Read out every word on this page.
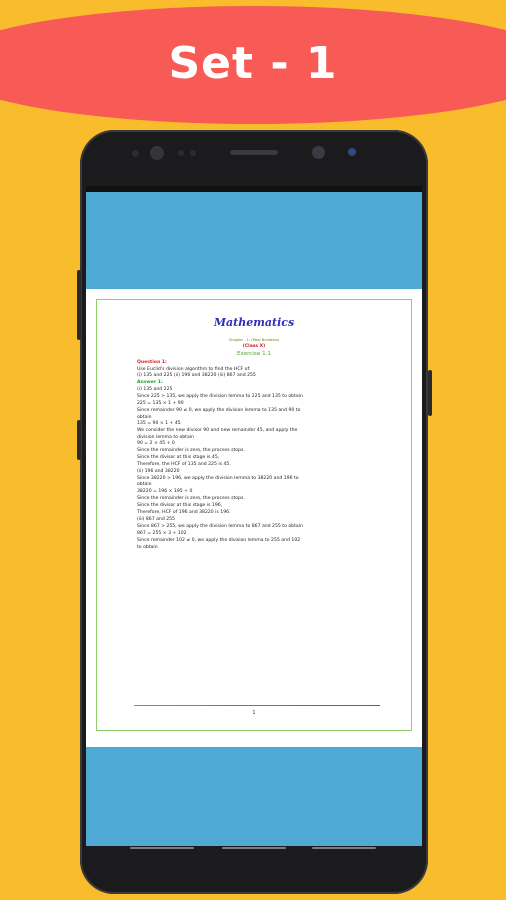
Set - 1
Mathematics
Chapter - 1: (Real Numbers)
(Class X)
Exercise 1.1
Question 1:
Use Euclid's division algorithm to find the HCF of:
(i) 135 and 225 (ii) 196 and 38220 (iii) 867 and 255
Answer 1:
(i) 135 and 225
Since 225 > 135, we apply the division lemma to 225 and 135 to obtain
225 = 135 × 1 + 90
Since remainder 90 ≠ 0, we apply the division lemma to 135 and 90 to
obtain
135 = 90 × 1 + 45
We consider the new divisor 90 and new remainder 45, and apply the
division lemma to obtain
90 = 2 × 45 + 0
Since the remainder is zero, the process stops.
Since the divisor at this stage is 45,
Therefore, the HCF of 135 and 225 is 45.
(ii) 196 and 38220
Since 38220 > 196, we apply the division lemma to 38220 and 196 to
obtain
38220 = 196 × 195 + 0
Since the remainder is zero, the process stops.
Since the divisor at this stage is 196,
Therefore, HCF of 196 and 38220 is 196.
(iii) 867 and 255
Since 867 > 255, we apply the division lemma to 867 and 255 to obtain
867 = 255 × 3 + 102
Since remainder 102 ≠ 0, we apply the division lemma to 255 and 102
to obtain
1
